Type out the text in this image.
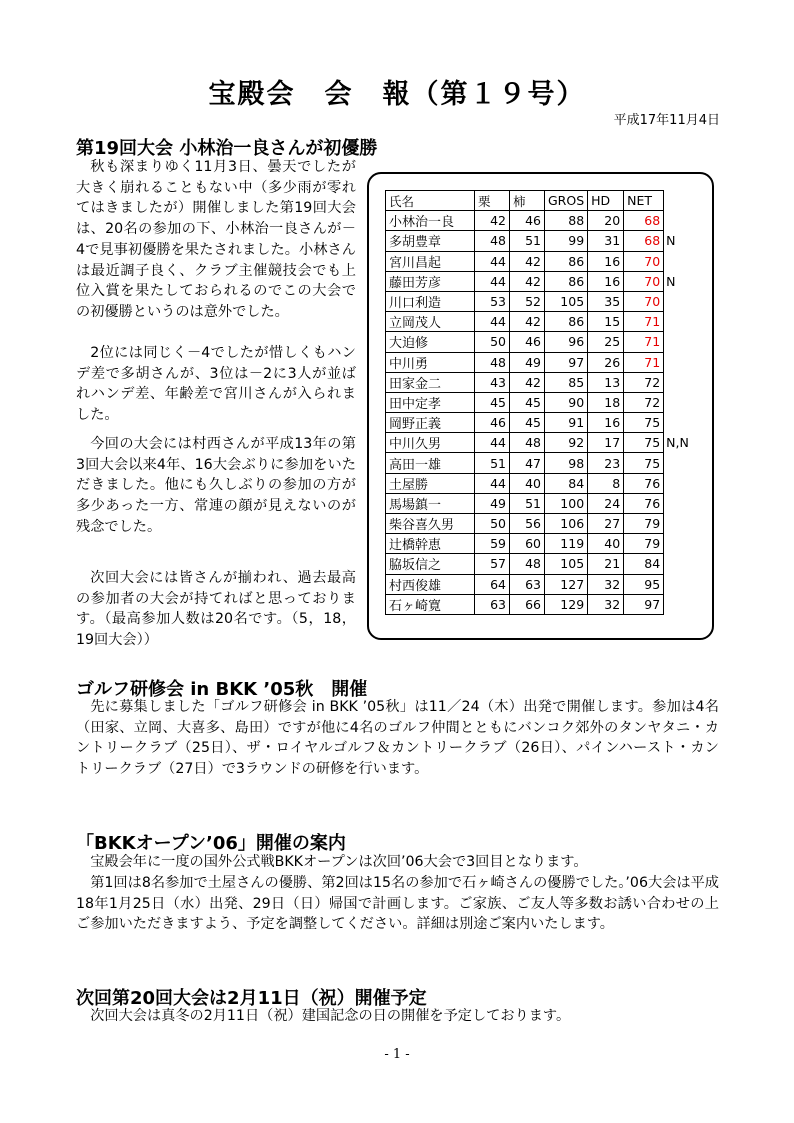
宝殿会　会　報（第１９号）

平成17年11月4日

第19回大会 小林治一良さんが初優勝

秋も深まりゆく11月3日、曇天でしたが大きく崩れることもない中（多少雨が零れてはきましたが）開催しました第19回大会は、20名の参加の下、小林治一良さんが－4で見事初優勝を果たされました。小林さんは最近調子良く、クラブ主催競技会でも上位入賞を果たしておられるのでこの大会での初優勝というのは意外でした。

2位には同じく－4でしたが惜しくもハンデ差で多胡さんが、3位は－2に3人が並ばれハンデ差、年齢差で宮川さんが入られました。

今回の大会には村西さんが平成13年の第3回大会以来4年、16大会ぶりに参加をいただきました。他にも久しぶりの参加の方が多少あった一方、常連の顔が見えないのが残念でした。

次回大会には皆さんが揃われ、過去最高の参加者の大会が持てればと思っております。（最高参加人数は20名です。（5，18，19回大会））

氏名	栗	柿	GROS	HD	NET	
小林治一良	42	46	88	20	68	
多胡豊章	48	51	99	31	68	N
宮川昌起	44	42	86	16	70	
藤田芳彦	44	42	86	16	70	N
川口利造	53	52	105	35	70	
立岡茂人	44	42	86	15	71	
大迫修	50	46	96	25	71	
中川勇	48	49	97	26	71	
田家金二	43	42	85	13	72	
田中定孝	45	45	90	18	72	
岡野正義	46	45	91	16	75	
中川久男	44	48	92	17	75	N,N
高田一雄	51	47	98	23	75	
土屋勝	44	40	84	8	76	
馬場鎮一	49	51	100	24	76	
柴谷喜久男	50	56	106	27	79	
辻橋幹恵	59	60	119	40	79	
脇坂信之	57	48	105	21	84	
村西俊雄	64	63	127	32	95	
石ヶ崎寛	63	66	129	32	97	
ゴルフ研修会 in BKK ’05秋　開催

先に募集しました「ゴルフ研修会 in BKK ’05秋」は11／24（木）出発で開催します。参加は4名（田家、立岡、大喜多、島田）ですが他に4名のゴルフ仲間とともにバンコク郊外のタンヤタニ・カントリークラブ（25日）、ザ・ロイヤルゴルフ＆カントリークラブ（26日）、パインハースト・カントリークラブ（27日）で3ラウンドの研修を行います。

「BKKオープン’06」開催の案内

宝殿会年に一度の国外公式戦BKKオープンは次回’06大会で3回目となります。

第1回は8名参加で土屋さんの優勝、第2回は15名の参加で石ヶ崎さんの優勝でした。’06大会は平成18年1月25日（水）出発、29日（日）帰国で計画します。ご家族、ご友人等多数お誘い合わせの上ご参加いただきますよう、予定を調整してください。詳細は別途ご案内いたします。

次回第20回大会は2月11日（祝）開催予定

次回大会は真冬の2月11日（祝）建国記念の日の開催を予定しております。

- 1 -
